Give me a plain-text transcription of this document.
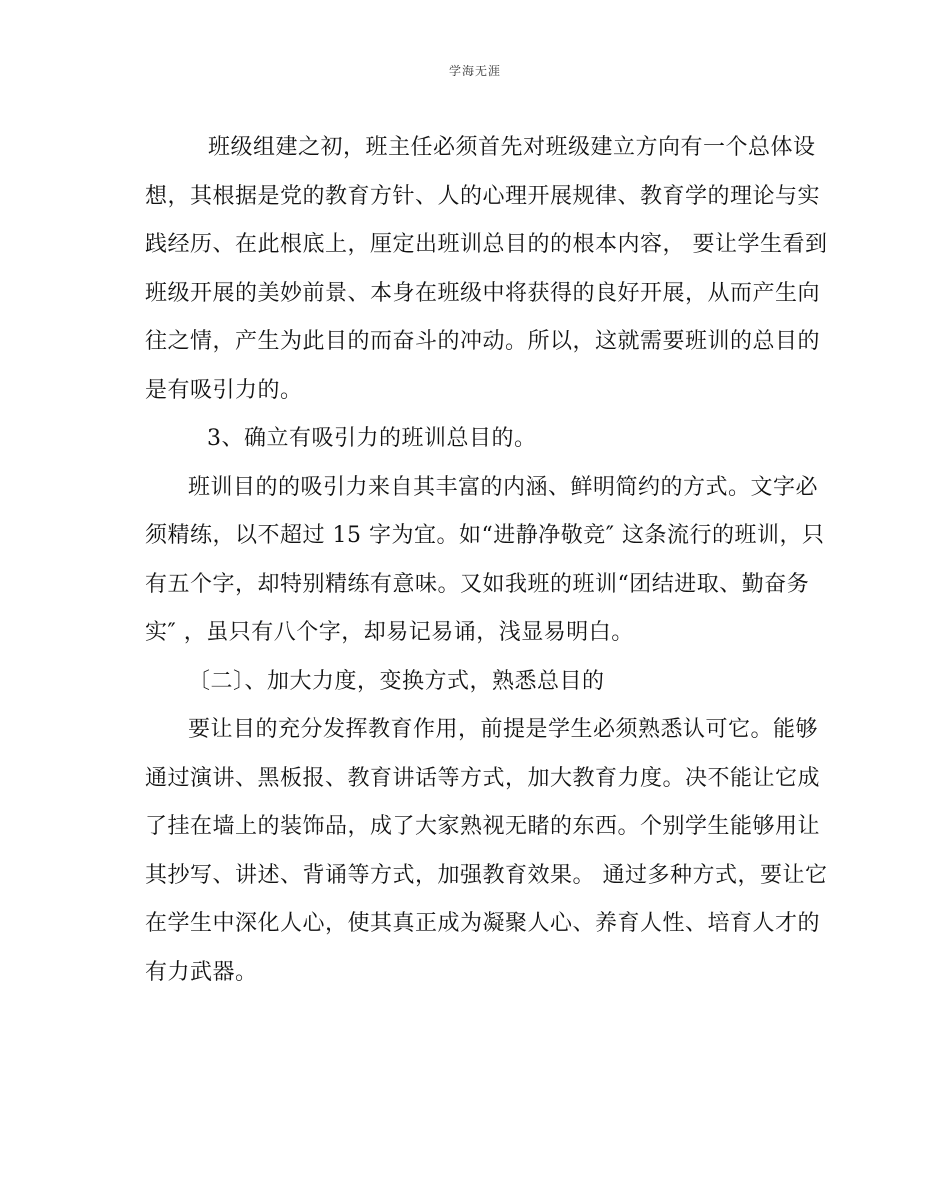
学海无涯
班级组建之初，班主任必须首先对班级建立方向有一个总体设
想，其根据是党的教育方针、人的心理开展规律、教育学的理论与实
践经历、在此根底上，厘定出班训总目的的根本内容， 要让学生看到
班级开展的美妙前景、本身在班级中将获得的良好开展，从而产生向
往之情，产生为此目的而奋斗的冲动。所以，这就需要班训的总目的
是有吸引力的。
3、确立有吸引力的班训总目的。
班训目的的吸引力来自其丰富的内涵、鲜明简约的方式。文字必
须精练，以不超过 15 字为宜。如“进静净敬竞″ 这条流行的班训，只
有五个字，却特别精练有意味。又如我班的班训“团结进取、勤奋务
实″ ，虽只有八个字，却易记易诵，浅显易明白。
〔二〕、加大力度，变换方式，熟悉总目的
要让目的充分发挥教育作用，前提是学生必须熟悉认可它。能够
通过演讲、黑板报、教育讲话等方式，加大教育力度。决不能让它成
了挂在墙上的装饰品，成了大家熟视无睹的东西。个别学生能够用让
其抄写、讲述、背诵等方式，加强教育效果。 通过多种方式，要让它
在学生中深化人心，使其真正成为凝聚人心、养育人性、培育人才的
有力武器。
